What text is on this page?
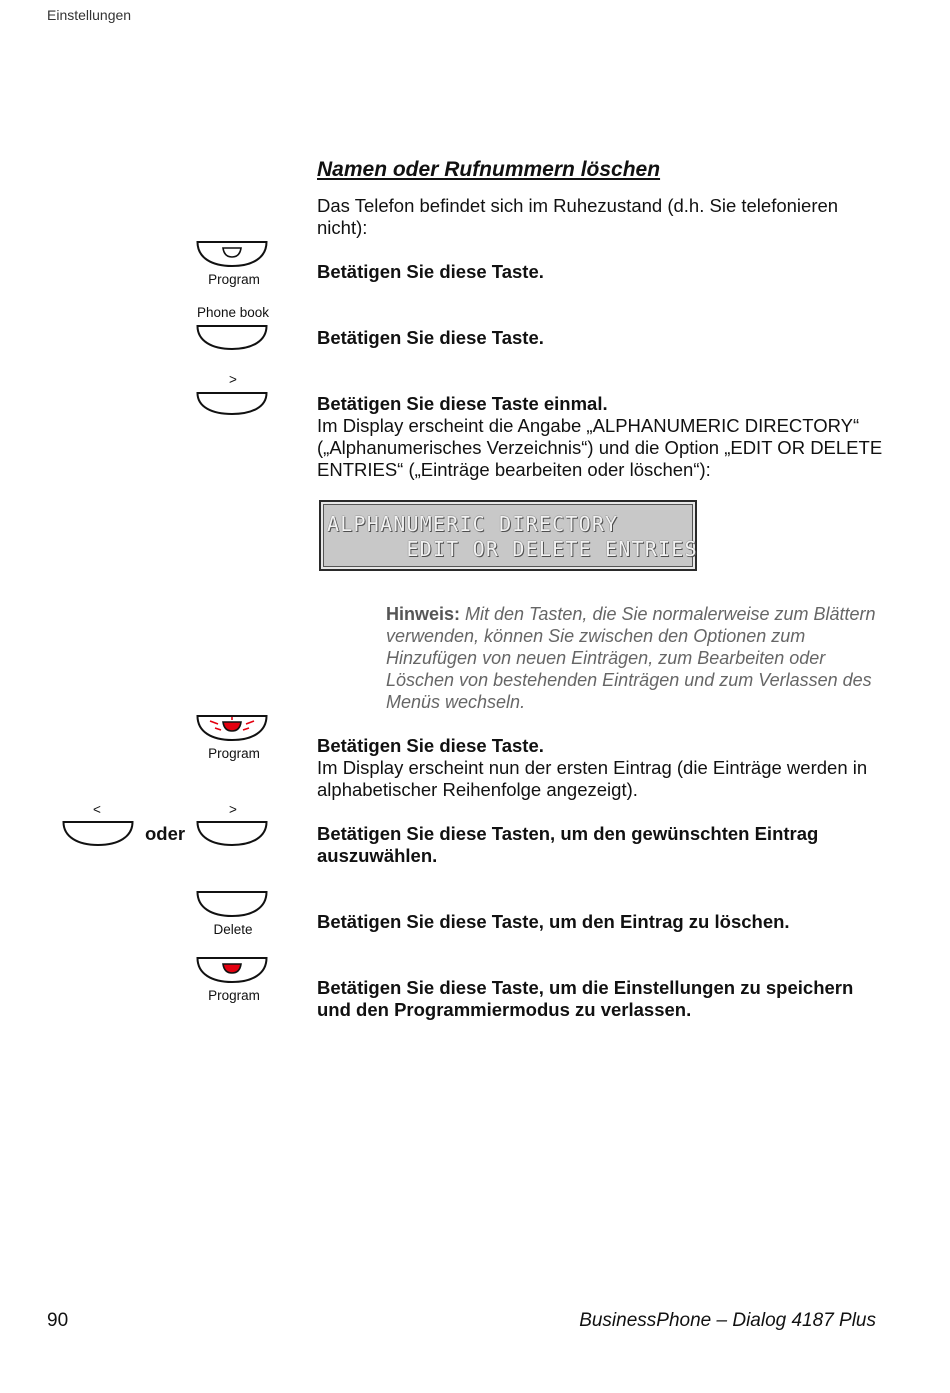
Einstellungen
Namen oder Rufnummern löschen
Das Telefon befindet sich im Ruhezustand (d.h. Sie telefonieren nicht):
Program	Betätigen Sie diese Taste.
Phone book
Betätigen Sie diese Taste.
>
Betätigen Sie diese Taste einmal.
Im Display erscheint die Angabe „ALPHANUMERIC DIRECTORY“ („Alphanumerisches Verzeichnis“) und die Option „EDIT OR DELETE ENTRIES“ („Einträge bearbeiten oder löschen“):
ALPHANUMERIC DIRECTORY
EDIT OR DELETE ENTRIES
Hinweis: Mit den Tasten, die Sie normalerweise zum Blättern verwenden, können Sie zwischen den Optionen zum Hinzufügen von neuen Einträgen, zum Bearbeiten oder Löschen von bestehenden Einträgen und zum Verlassen des Menüs wechseln.
Program	Betätigen Sie diese Taste.
Im Display erscheint nun der ersten Eintrag (die Einträge werden in alphabetischer Reihenfolge angezeigt).
<	>
oder	Betätigen Sie diese Tasten, um den gewünschten Eintrag auszuwählen.
Delete	Betätigen Sie diese Taste, um den Eintrag zu löschen.
Program	Betätigen Sie diese Taste, um die Einstellungen zu speichern und den Programmiermodus zu verlassen.
90	BusinessPhone – Dialog 4187 Plus
